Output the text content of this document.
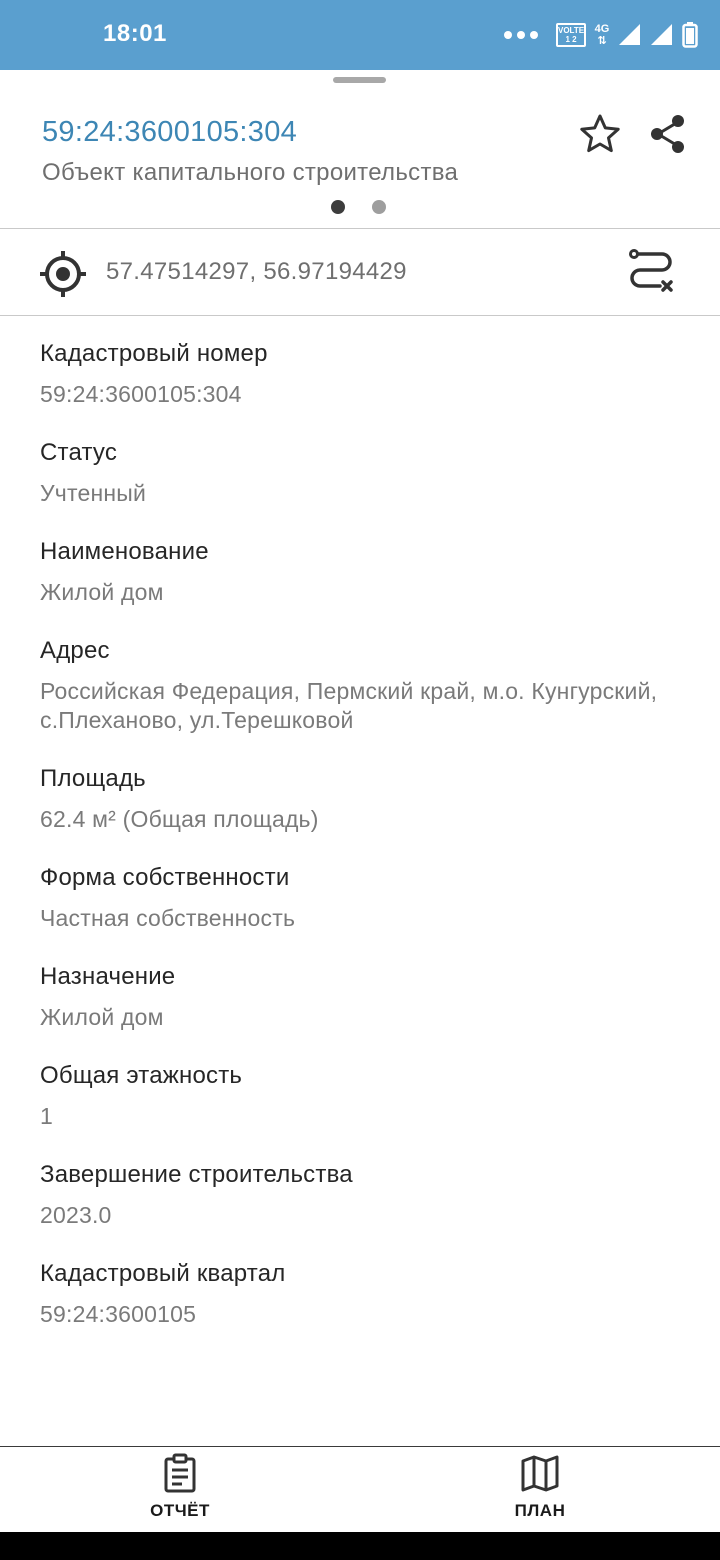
18:01	VOLTE
1 2
4G
⇅
59:24:3600105:304
Объект капитального строительства
57.47514297, 56.97194429
Кадастровый номер
59:24:3600105:304
Статус
Учтенный
Наименование
Жилой дом
Адрес
Российская Федерация, Пермский край, м.о. Кунгурский, с.Плеханово, ул.Терешковой
Площадь
62.4 м² (Общая площадь)
Форма собственности
Частная собственность
Назначение
Жилой дом
Общая этажность
1
Завершение строительства
2023.0
Кадастровый квартал
59:24:3600105
ОТЧЁТ	ПЛАН
